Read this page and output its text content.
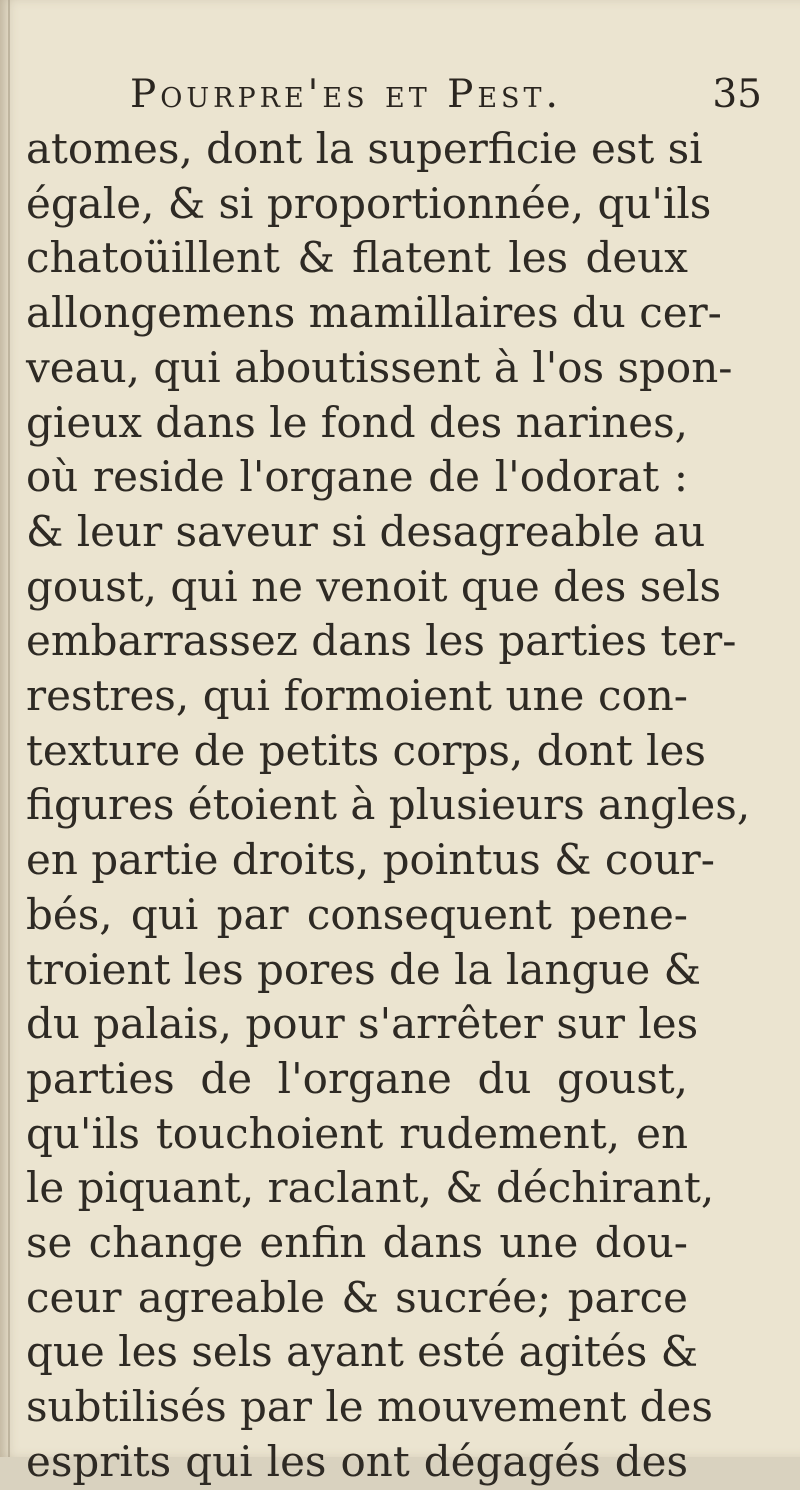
Pourpre'es et Pest.	35
atomes, dont la superficie est si
égale, & si proportionnée, qu'ils
chatoüillent & flatent les deux
allongemens mamillaires du cer-
veau, qui aboutissent à l'os spon-
gieux dans le fond des narines,
où reside l'organe de l'odorat :
& leur saveur si desagreable au
goust, qui ne venoit que des sels
embarrassez dans les parties ter-
restres, qui formoient une con-
texture de petits corps, dont les
figures étoient à plusieurs angles,
en partie droits, pointus & cour-
bés, qui par consequent pene-
troient les pores de la langue &
du palais, pour s'arrêter sur les
parties de l'organe du goust,
qu'ils touchoient rudement, en
le piquant, raclant, & déchirant,
se change enfin dans une dou-
ceur agreable & sucrée; parce
que les sels ayant esté agités &
subtilisés par le mouvement des
esprits qui les ont dégagés des
